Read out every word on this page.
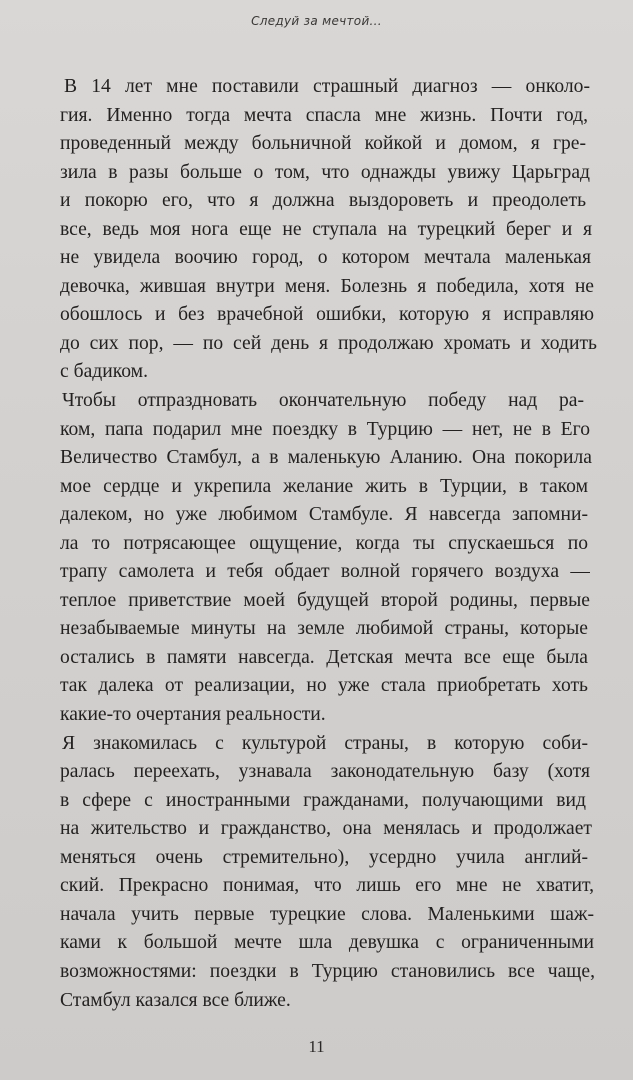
Следуй за мечтой...
В 14 лет мне поставили страшный диагноз — онколо-
гия. Именно тогда мечта спасла мне жизнь. Почти год,
проведенный между больничной койкой и домом, я гре-
зила в разы больше о том, что однажды увижу Царьград
и покорю его, что я должна выздороветь и преодолеть
все, ведь моя нога еще не ступала на турецкий берег и я
не увидела воочию город, о котором мечтала маленькая
девочка, жившая внутри меня. Болезнь я победила, хотя не
обошлось и без врачебной ошибки, которую я исправляю
до сих пор, — по сей день я продолжаю хромать и ходить
с бадиком.
Чтобы отпраздновать окончательную победу над ра-
ком, папа подарил мне поездку в Турцию — нет, не в Его
Величество Стамбул, а в маленькую Аланию. Она покорила
мое сердце и укрепила желание жить в Турции, в таком
далеком, но уже любимом Стамбуле. Я навсегда запомни-
ла то потрясающее ощущение, когда ты спускаешься по
трапу самолета и тебя обдает волной горячего воздуха —
теплое приветствие моей будущей второй родины, первые
незабываемые минуты на земле любимой страны, которые
остались в памяти навсегда. Детская мечта все еще была
так далека от реализации, но уже стала приобретать хоть
какие-то очертания реальности.
Я знакомилась с культурой страны, в которую соби-
ралась переехать, узнавала законодательную базу (хотя
в сфере с иностранными гражданами, получающими вид
на жительство и гражданство, она менялась и продолжает
меняться очень стремительно), усердно учила англий-
ский. Прекрасно понимая, что лишь его мне не хватит,
начала учить первые турецкие слова. Маленькими шаж-
ками к большой мечте шла девушка с ограниченными
возможностями: поездки в Турцию становились все чаще,
Стамбул казался все ближе.
11
